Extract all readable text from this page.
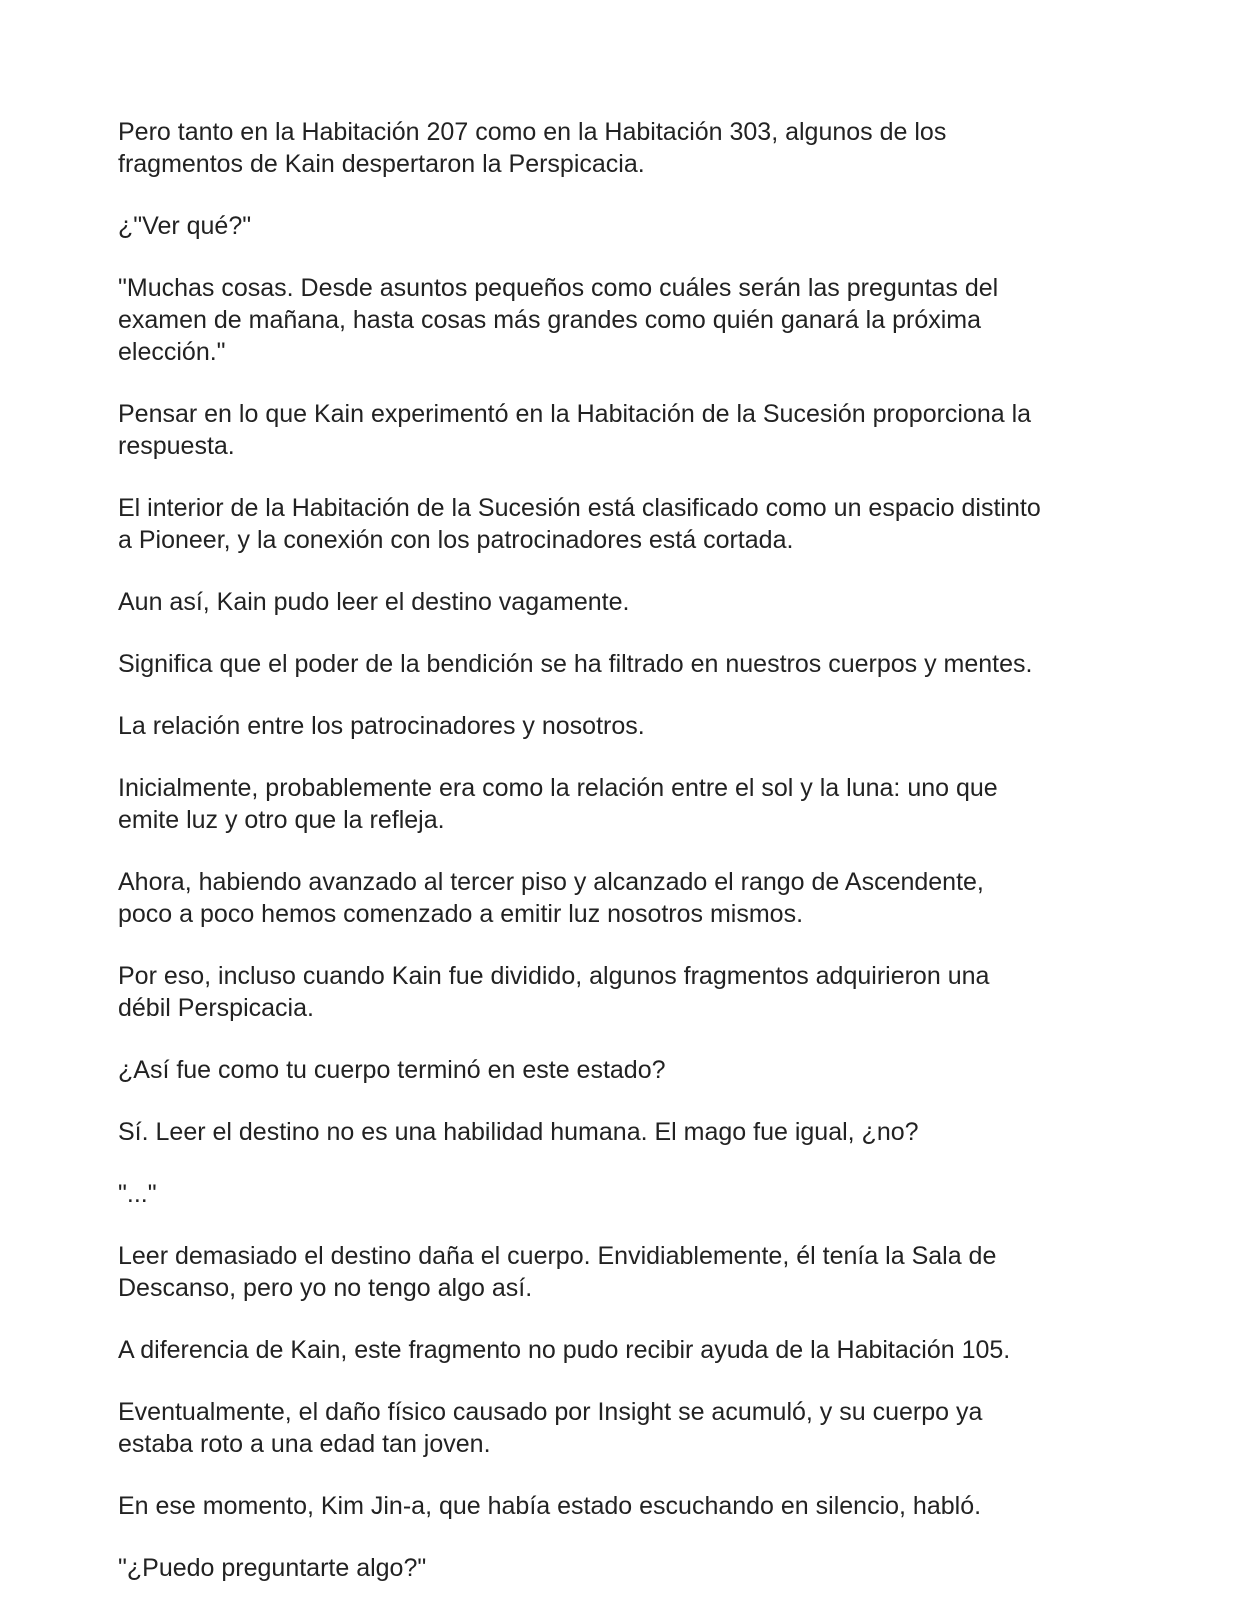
Pero tanto en la Habitación 207 como en la Habitación 303, algunos de los
fragmentos de Kain despertaron la Perspicacia.

¿"Ver qué?"

"Muchas cosas. Desde asuntos pequeños como cuáles serán las preguntas del
examen de mañana, hasta cosas más grandes como quién ganará la próxima
elección."

Pensar en lo que Kain experimentó en la Habitación de la Sucesión proporciona la
respuesta.

El interior de la Habitación de la Sucesión está clasificado como un espacio distinto
a Pioneer, y la conexión con los patrocinadores está cortada.

Aun así, Kain pudo leer el destino vagamente.

Significa que el poder de la bendición se ha filtrado en nuestros cuerpos y mentes.

La relación entre los patrocinadores y nosotros.

Inicialmente, probablemente era como la relación entre el sol y la luna: uno que
emite luz y otro que la refleja.

Ahora, habiendo avanzado al tercer piso y alcanzado el rango de Ascendente,
poco a poco hemos comenzado a emitir luz nosotros mismos.

Por eso, incluso cuando Kain fue dividido, algunos fragmentos adquirieron una
débil Perspicacia.

¿Así fue como tu cuerpo terminó en este estado?

Sí. Leer el destino no es una habilidad humana. El mago fue igual, ¿no?

"..."

Leer demasiado el destino daña el cuerpo. Envidiablemente, él tenía la Sala de
Descanso, pero yo no tengo algo así.

A diferencia de Kain, este fragmento no pudo recibir ayuda de la Habitación 105.

Eventualmente, el daño físico causado por Insight se acumuló, y su cuerpo ya
estaba roto a una edad tan joven.

En ese momento, Kim Jin-a, que había estado escuchando en silencio, habló.

"¿Puedo preguntarte algo?"
